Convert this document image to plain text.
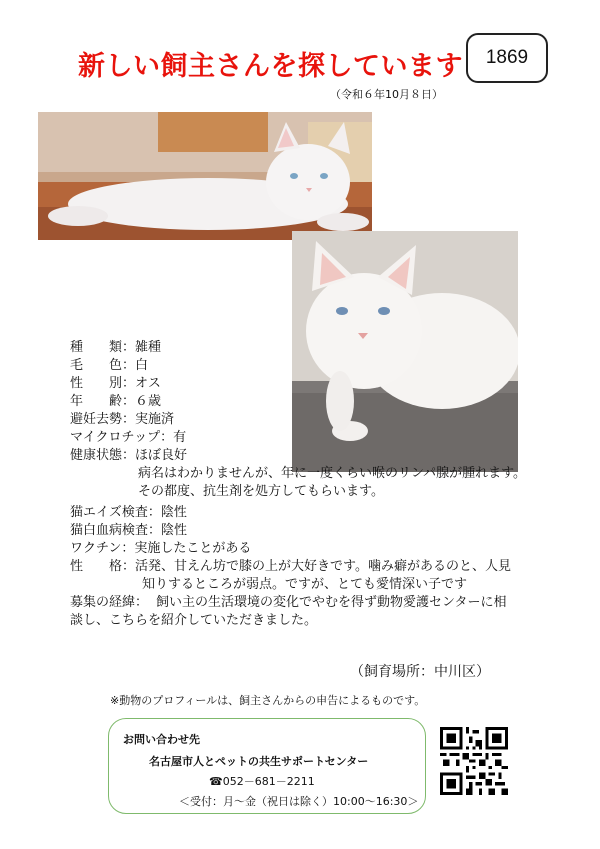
新しい飼主さんを探しています	1869
（令和６年10月８日）
種　　類：雑種
毛　　色：白
性　　別：オス
年　　齢：６歳
避妊去勢：実施済
マイクロチップ：有
健康状態：ほぼ良好
病名はわかりませんが、年に一度くらい喉のリンパ腺が腫れます。
その都度、抗生剤を処方してもらいます。
猫エイズ検査：陰性
猫白血病検査：陰性
ワクチン：実施したことがある
性　　格：活発、甘えん坊で膝の上が大好きです。噛み癖があるのと、人見
知りするところが弱点。ですが、とても愛情深い子です
募集の経緯： 飼い主の生活環境の変化でやむを得ず動物愛護センターに相
談し、こちらを紹介していただきました。
（飼育場所：中川区）
※動物のプロフィールは、飼主さんからの申告によるものです。
お問い合わせ先
名古屋市人とペットの共生サポートセンター
☎052－681－2211
＜受付：月～金（祝日は除く）10:00～16:30＞
